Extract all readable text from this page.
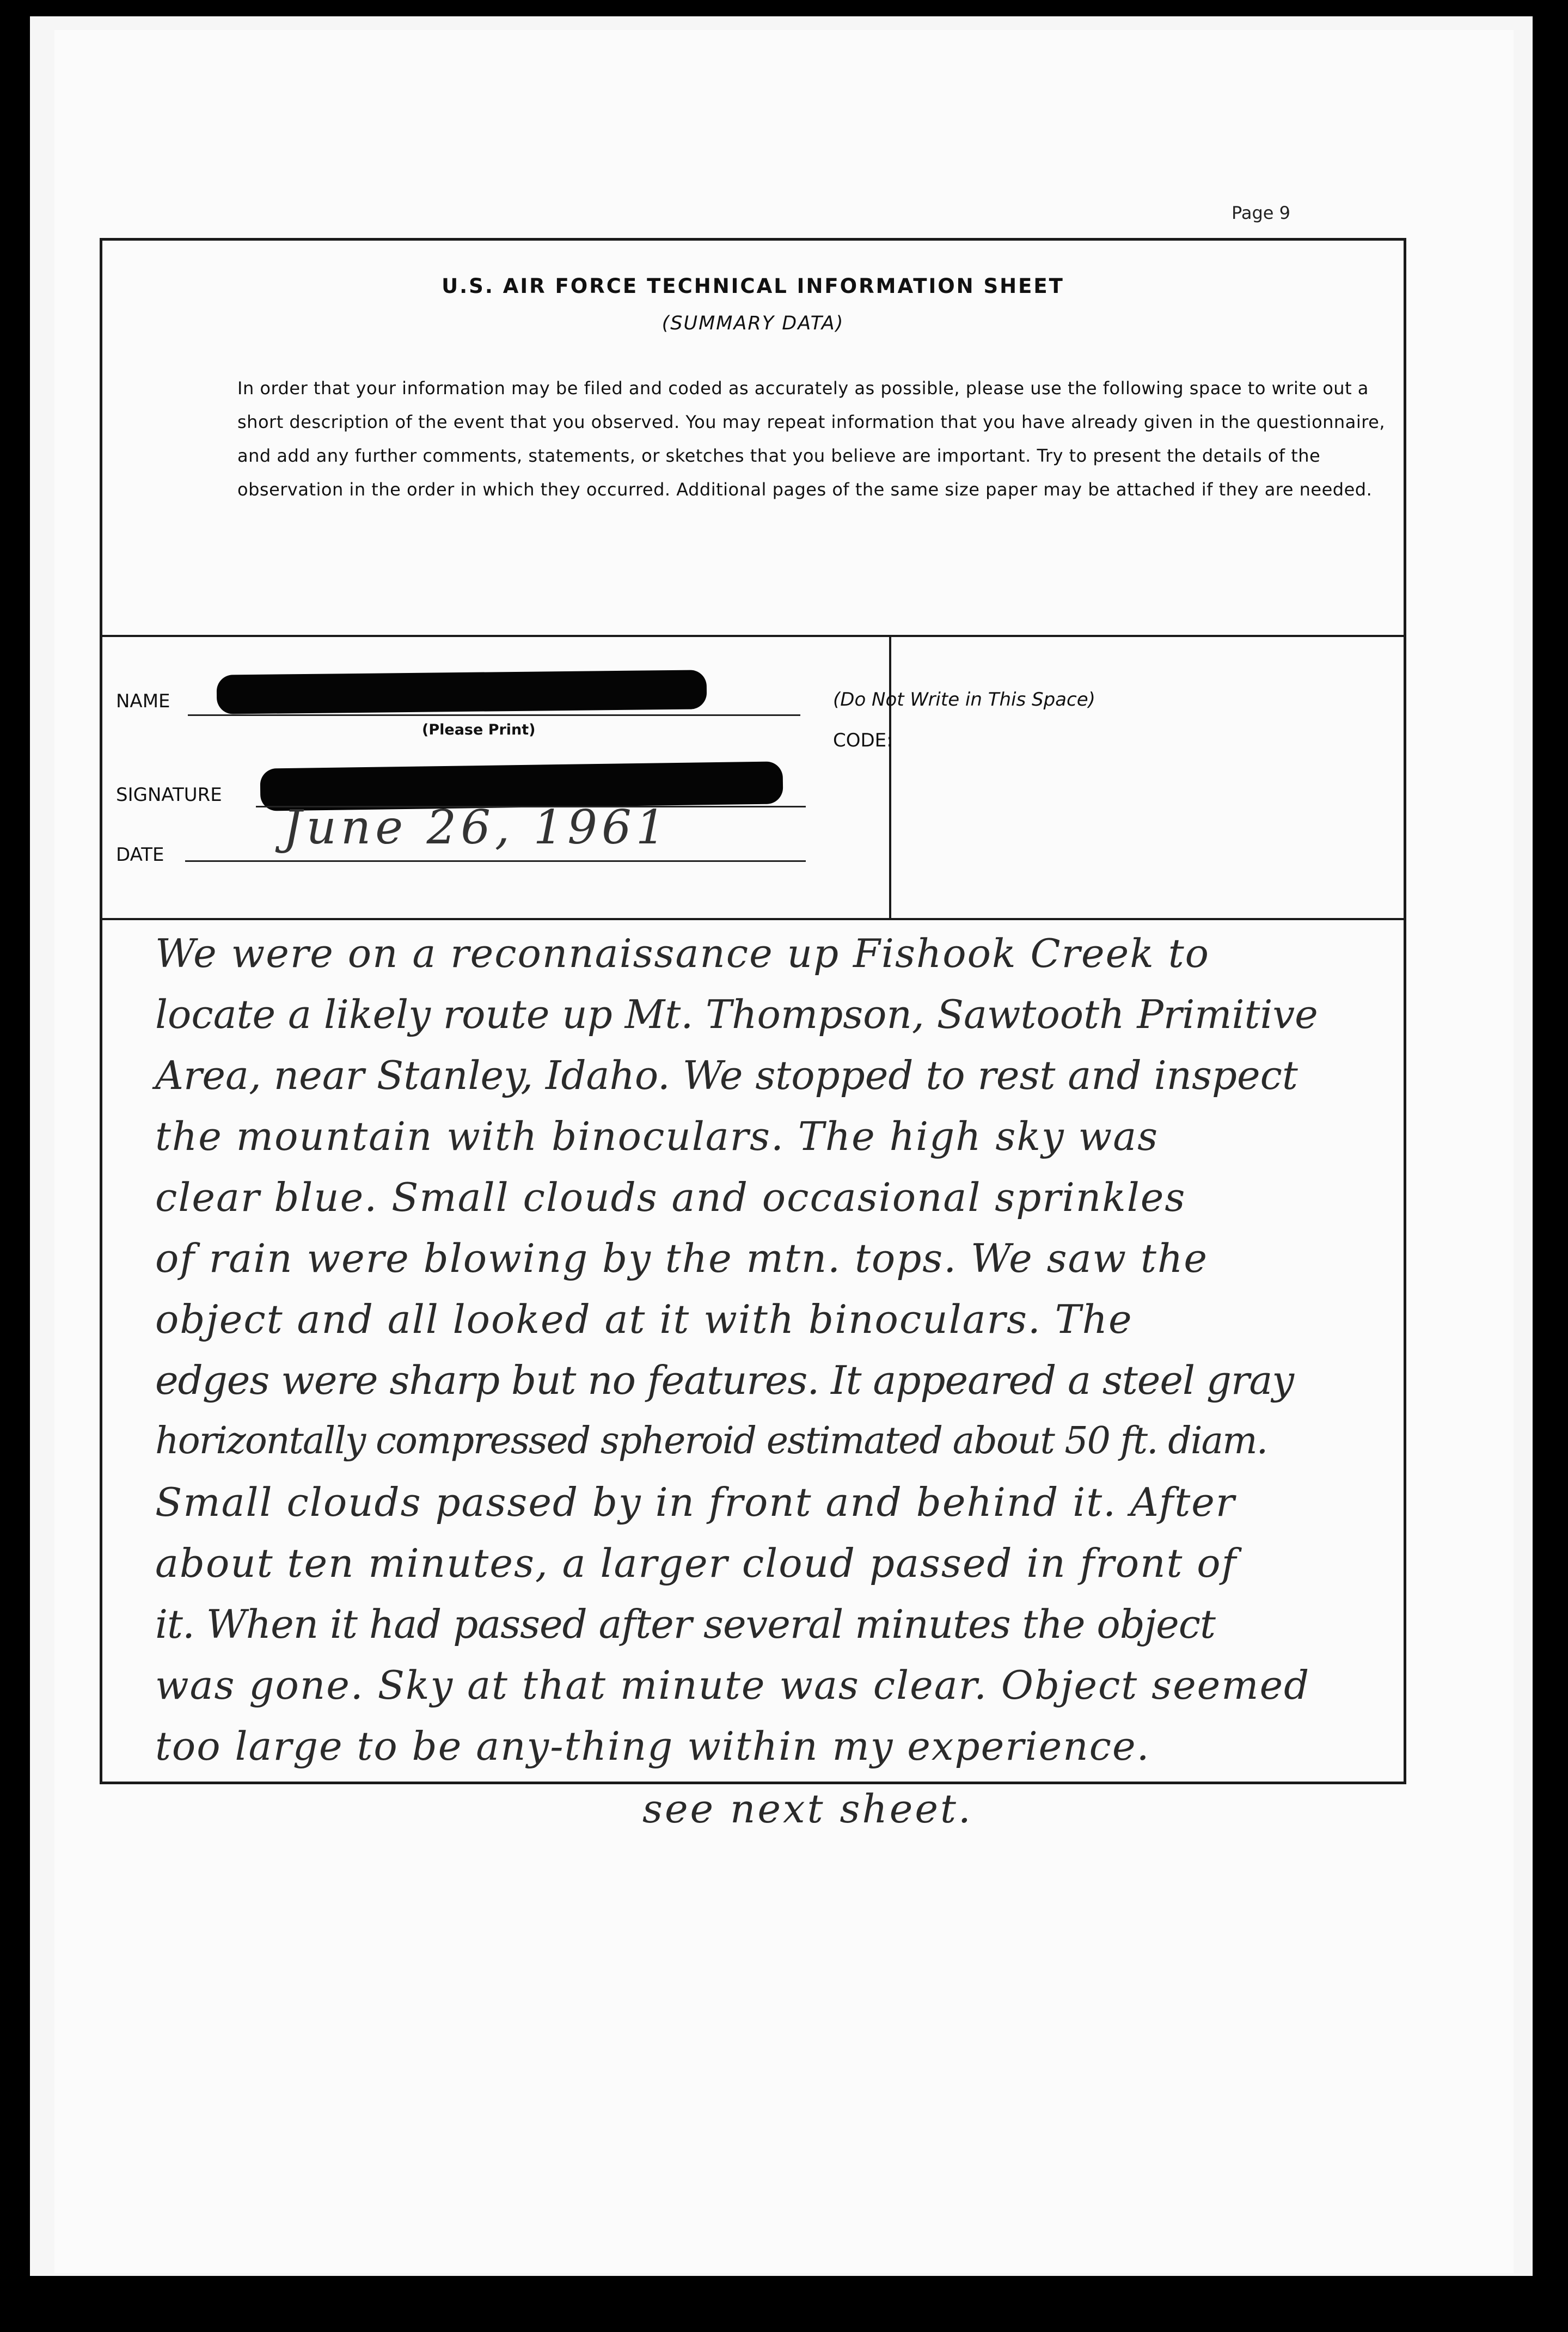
Page 9
U.S. AIR FORCE TECHNICAL INFORMATION SHEET
(SUMMARY DATA)
In order that your information may be filed and coded as accurately as possible, please use the following space to write out a short description of the event that you observed. You may repeat information that you have already given in the questionnaire, and add any further comments, statements, or sketches that you believe are important. Try to present the details of the observation in the order in which they occurred. Additional pages of the same size paper may be attached if they are needed.
NAME
(Please Print)
SIGNATURE
DATE	June 26, 1961
(Do Not Write in This Space)
CODE:
We were on a reconnaissance up Fishook Creek to
locate a likely route up Mt. Thompson, Sawtooth Primitive
Area, near Stanley, Idaho. We stopped to rest and inspect
the mountain with binoculars. The high sky was
clear blue. Small clouds and occasional sprinkles
of rain were blowing by the mtn. tops. We saw the
object and all looked at it with binoculars. The
edges were sharp but no features. It appeared a steel gray
horizontally compressed spheroid estimated about 50 ft. diam.
Small clouds passed by in front and behind it. After
about ten minutes, a larger cloud passed in front of
it. When it had passed after several minutes the object
was gone. Sky at that minute was clear. Object seemed
too large to be any-thing within my experience.
see next sheet.
